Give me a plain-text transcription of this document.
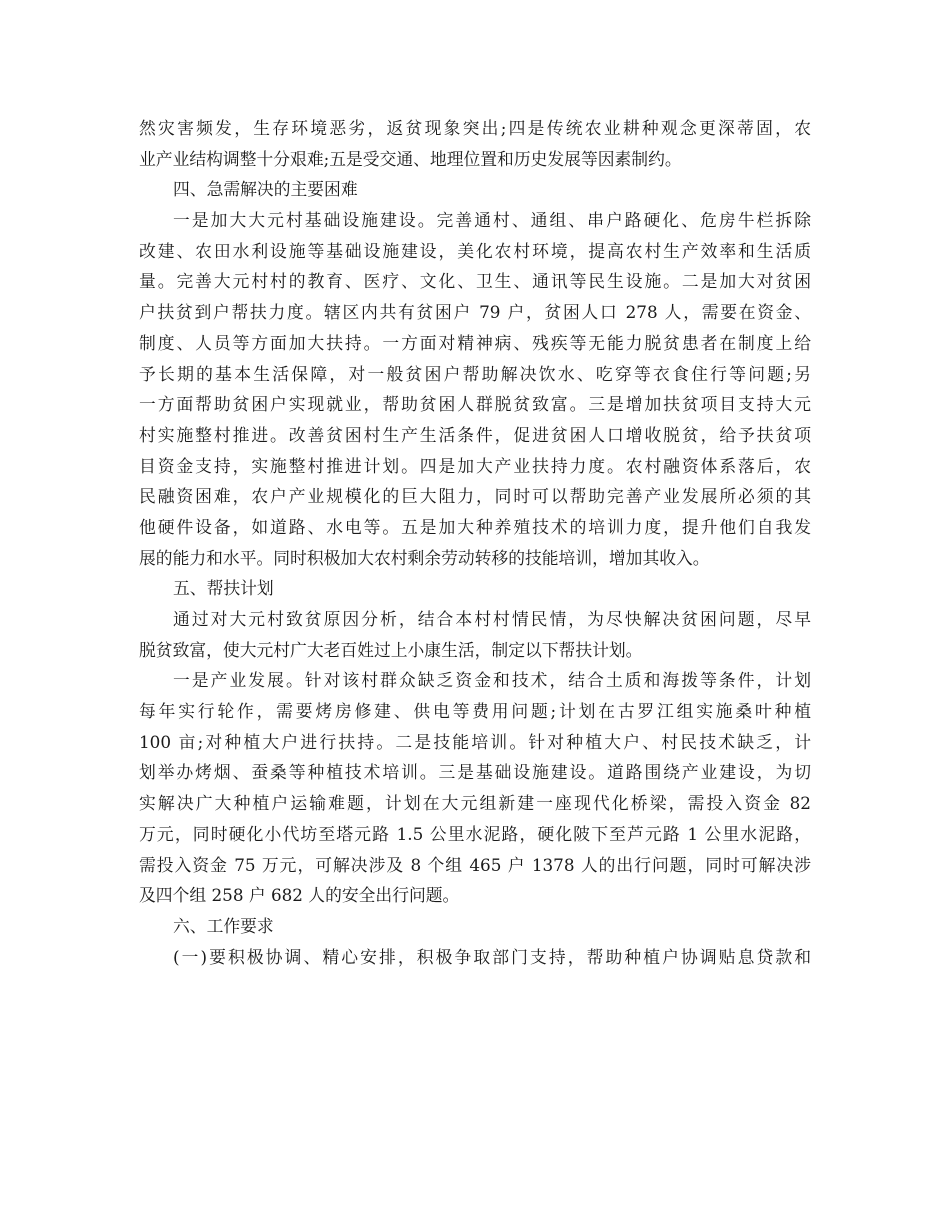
然灾害频发，生存环境恶劣，返贫现象突出;四是传统农业耕种观念更深蒂固，农
业产业结构调整十分艰难;五是受交通、地理位置和历史发展等因素制约。
四、急需解决的主要困难
一是加大大元村基础设施建设。完善通村、通组、串户路硬化、危房牛栏拆除
改建、农田水利设施等基础设施建设，美化农村环境，提高农村生产效率和生活质
量。完善大元村村的教育、医疗、文化、卫生、通讯等民生设施。二是加大对贫困
户扶贫到户帮扶力度。辖区内共有贫困户 79 户，贫困人口 278 人，需要在资金、
制度、人员等方面加大扶持。一方面对精神病、残疾等无能力脱贫患者在制度上给
予长期的基本生活保障，对一般贫困户帮助解决饮水、吃穿等衣食住行等问题;另
一方面帮助贫困户实现就业，帮助贫困人群脱贫致富。三是增加扶贫项目支持大元
村实施整村推进。改善贫困村生产生活条件，促进贫困人口增收脱贫，给予扶贫项
目资金支持，实施整村推进计划。四是加大产业扶持力度。农村融资体系落后，农
民融资困难，农户产业规模化的巨大阻力，同时可以帮助完善产业发展所必须的其
他硬件设备，如道路、水电等。五是加大种养殖技术的培训力度，提升他们自我发
展的能力和水平。同时积极加大农村剩余劳动转移的技能培训，增加其收入。
五、帮扶计划
通过对大元村致贫原因分析，结合本村村情民情，为尽快解决贫困问题，尽早
脱贫致富，使大元村广大老百姓过上小康生活，制定以下帮扶计划。
一是产业发展。针对该村群众缺乏资金和技术，结合土质和海拨等条件，计划
每年实行轮作，需要烤房修建、供电等费用问题;计划在古罗江组实施桑叶种植
100 亩;对种植大户进行扶持。二是技能培训。针对种植大户、村民技术缺乏，计
划举办烤烟、蚕桑等种植技术培训。三是基础设施建设。道路围绕产业建设，为切
实解决广大种植户运输难题，计划在大元组新建一座现代化桥梁，需投入资金 82
万元，同时硬化小代坊至塔元路 1.5 公里水泥路，硬化陂下至芦元路 1 公里水泥路，
需投入资金 75 万元，可解决涉及 8 个组 465 户 1378 人的出行问题，同时可解决涉
及四个组 258 户 682 人的安全出行问题。
六、工作要求
(一)要积极协调、精心安排，积极争取部门支持，帮助种植户协调贴息贷款和
